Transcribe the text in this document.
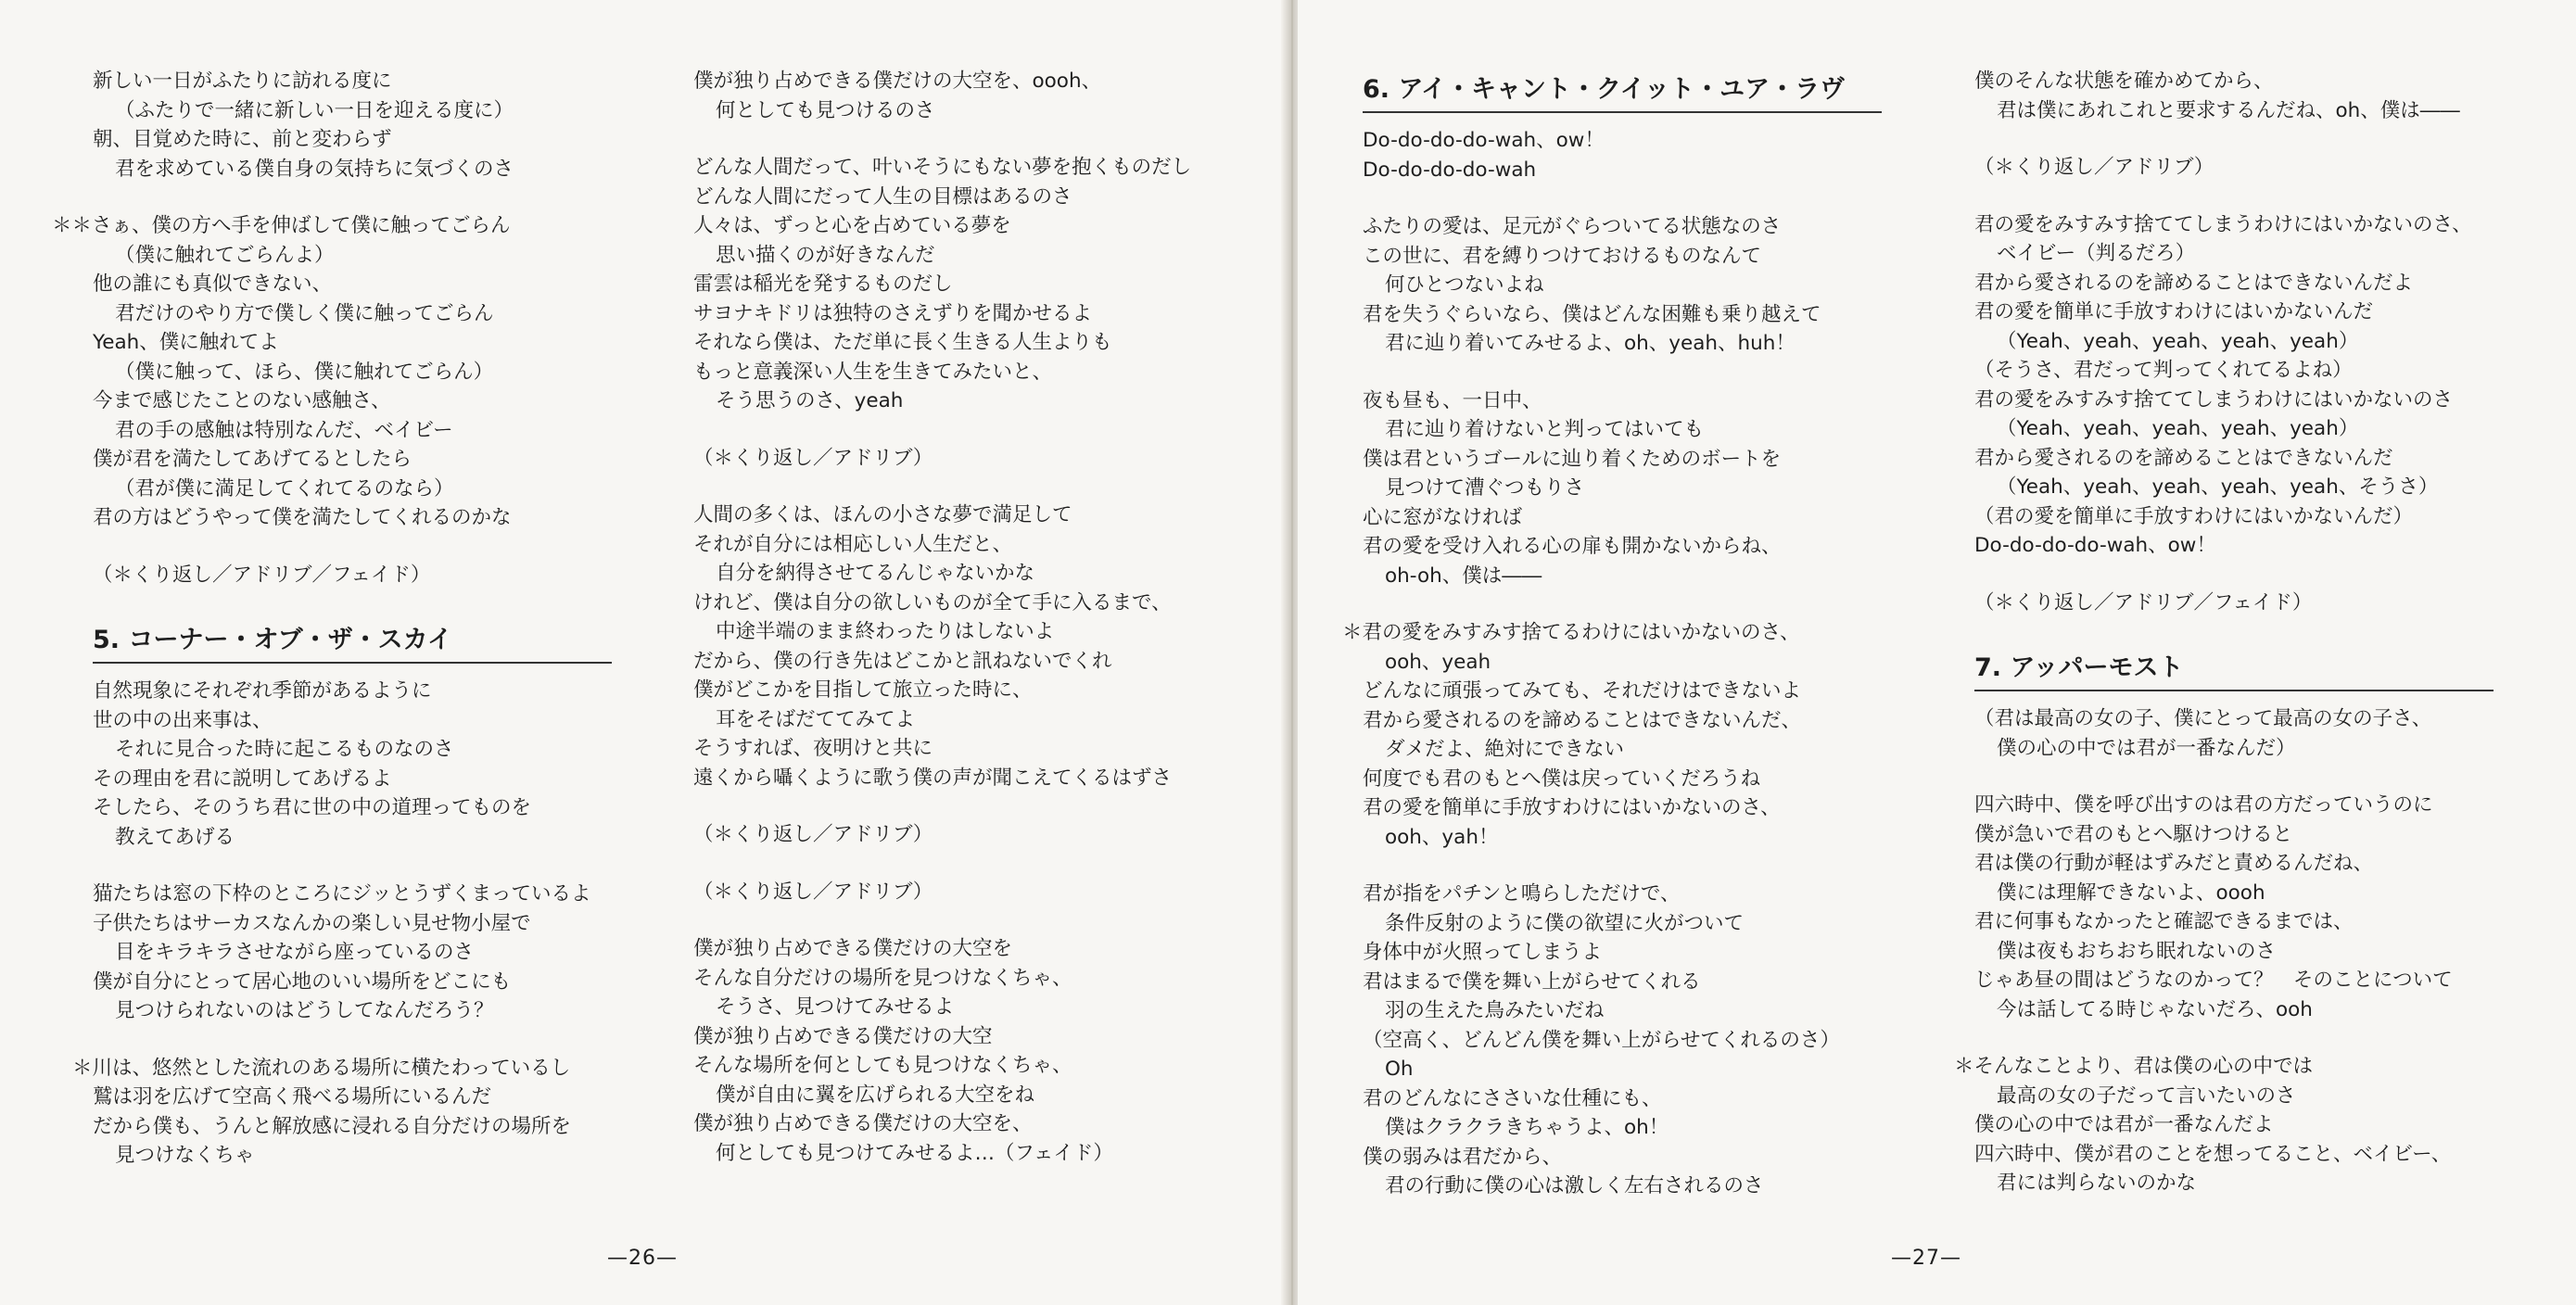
新しい一日がふたりに訪れる度に
（ふたりで一緒に新しい一日を迎える度に）
朝、目覚めた時に、前と変わらず
君を求めている僕自身の気持ちに気づくのさ
＊＊さぁ、僕の方へ手を伸ばして僕に触ってごらん
（僕に触れてごらんよ）
他の誰にも真似できない、
君だけのやり方で僕しく僕に触ってごらん
Yeah、僕に触れてよ
（僕に触って、ほら、僕に触れてごらん）
今まで感じたことのない感触さ、
君の手の感触は特別なんだ、ベイビー
僕が君を満たしてあげてるとしたら
（君が僕に満足してくれてるのなら）
君の方はどうやって僕を満たしてくれるのかな
（＊くり返し／アドリブ／フェイド）
5. コーナー・オブ・ザ・スカイ
自然現象にそれぞれ季節があるように
世の中の出来事は、
それに見合った時に起こるものなのさ
その理由を君に説明してあげるよ
そしたら、そのうち君に世の中の道理ってものを
教えてあげる
猫たちは窓の下枠のところにジッとうずくまっているよ
子供たちはサーカスなんかの楽しい見せ物小屋で
目をキラキラさせながら座っているのさ
僕が自分にとって居心地のいい場所をどこにも
見つけられないのはどうしてなんだろう？
＊川は、悠然とした流れのある場所に横たわっているし
鷲は羽を広げて空高く飛べる場所にいるんだ
だから僕も、うんと解放感に浸れる自分だけの場所を
見つけなくちゃ
僕が独り占めできる僕だけの大空を、oooh、
何としても見つけるのさ
どんな人間だって、叶いそうにもない夢を抱くものだし
どんな人間にだって人生の目標はあるのさ
人々は、ずっと心を占めている夢を
思い描くのが好きなんだ
雷雲は稲光を発するものだし
サヨナキドリは独特のさえずりを聞かせるよ
それなら僕は、ただ単に長く生きる人生よりも
もっと意義深い人生を生きてみたいと、
そう思うのさ、yeah
（＊くり返し／アドリブ）
人間の多くは、ほんの小さな夢で満足して
それが自分には相応しい人生だと、
自分を納得させてるんじゃないかな
けれど、僕は自分の欲しいものが全て手に入るまで、
中途半端のまま終わったりはしないよ
だから、僕の行き先はどこかと訊ねないでくれ
僕がどこかを目指して旅立った時に、
耳をそばだててみてよ
そうすれば、夜明けと共に
遠くから囁くように歌う僕の声が聞こえてくるはずさ
（＊くり返し／アドリブ）
（＊くり返し／アドリブ）
僕が独り占めできる僕だけの大空を
そんな自分だけの場所を見つけなくちゃ、
そうさ、見つけてみせるよ
僕が独り占めできる僕だけの大空
そんな場所を何としても見つけなくちゃ、
僕が自由に翼を広げられる大空をね
僕が独り占めできる僕だけの大空を、
何としても見つけてみせるよ…（フェイド）
—26—
6. アイ・キャント・クイット・ユア・ラヴ
Do-do-do-do-wah、ow！
Do-do-do-do-wah
ふたりの愛は、足元がぐらついてる状態なのさ
この世に、君を縛りつけておけるものなんて
何ひとつないよね
君を失うぐらいなら、僕はどんな困難も乗り越えて
君に辿り着いてみせるよ、oh、yeah、huh！
夜も昼も、一日中、
君に辿り着けないと判ってはいても
僕は君というゴールに辿り着くためのボートを
見つけて漕ぐつもりさ
心に窓がなければ
君の愛を受け入れる心の扉も開かないからね、
oh-oh、僕は――
＊君の愛をみすみす捨てるわけにはいかないのさ、
ooh、yeah
どんなに頑張ってみても、それだけはできないよ
君から愛されるのを諦めることはできないんだ、
ダメだよ、絶対にできない
何度でも君のもとへ僕は戻っていくだろうね
君の愛を簡単に手放すわけにはいかないのさ、
ooh、yah！
君が指をパチンと鳴らしただけで、
条件反射のように僕の欲望に火がついて
身体中が火照ってしまうよ
君はまるで僕を舞い上がらせてくれる
羽の生えた鳥みたいだね
（空高く、どんどん僕を舞い上がらせてくれるのさ）
Oh
君のどんなにささいな仕種にも、
僕はクラクラきちゃうよ、oh！
僕の弱みは君だから、
君の行動に僕の心は激しく左右されるのさ
僕のそんな状態を確かめてから、
君は僕にあれこれと要求するんだね、oh、僕は――
（＊くり返し／アドリブ）
君の愛をみすみす捨ててしまうわけにはいかないのさ、
ベイビー（判るだろ）
君から愛されるのを諦めることはできないんだよ
君の愛を簡単に手放すわけにはいかないんだ
（Yeah、yeah、yeah、yeah、yeah）
（そうさ、君だって判ってくれてるよね）
君の愛をみすみす捨ててしまうわけにはいかないのさ
（Yeah、yeah、yeah、yeah、yeah）
君から愛されるのを諦めることはできないんだ
（Yeah、yeah、yeah、yeah、yeah、そうさ）
（君の愛を簡単に手放すわけにはいかないんだ）
Do-do-do-do-wah、ow！
（＊くり返し／アドリブ／フェイド）
7. アッパーモスト
（君は最高の女の子、僕にとって最高の女の子さ、
僕の心の中では君が一番なんだ）
四六時中、僕を呼び出すのは君の方だっていうのに
僕が急いで君のもとへ駆けつけると
君は僕の行動が軽はずみだと責めるんだね、
僕には理解できないよ、oooh
君に何事もなかったと確認できるまでは、
僕は夜もおちおち眠れないのさ
じゃあ昼の間はどうなのかって？　そのことについて
今は話してる時じゃないだろ、ooh
＊そんなことより、君は僕の心の中では
最高の女の子だって言いたいのさ
僕の心の中では君が一番なんだよ
四六時中、僕が君のことを想ってること、ベイビー、
君には判らないのかな
—27—
